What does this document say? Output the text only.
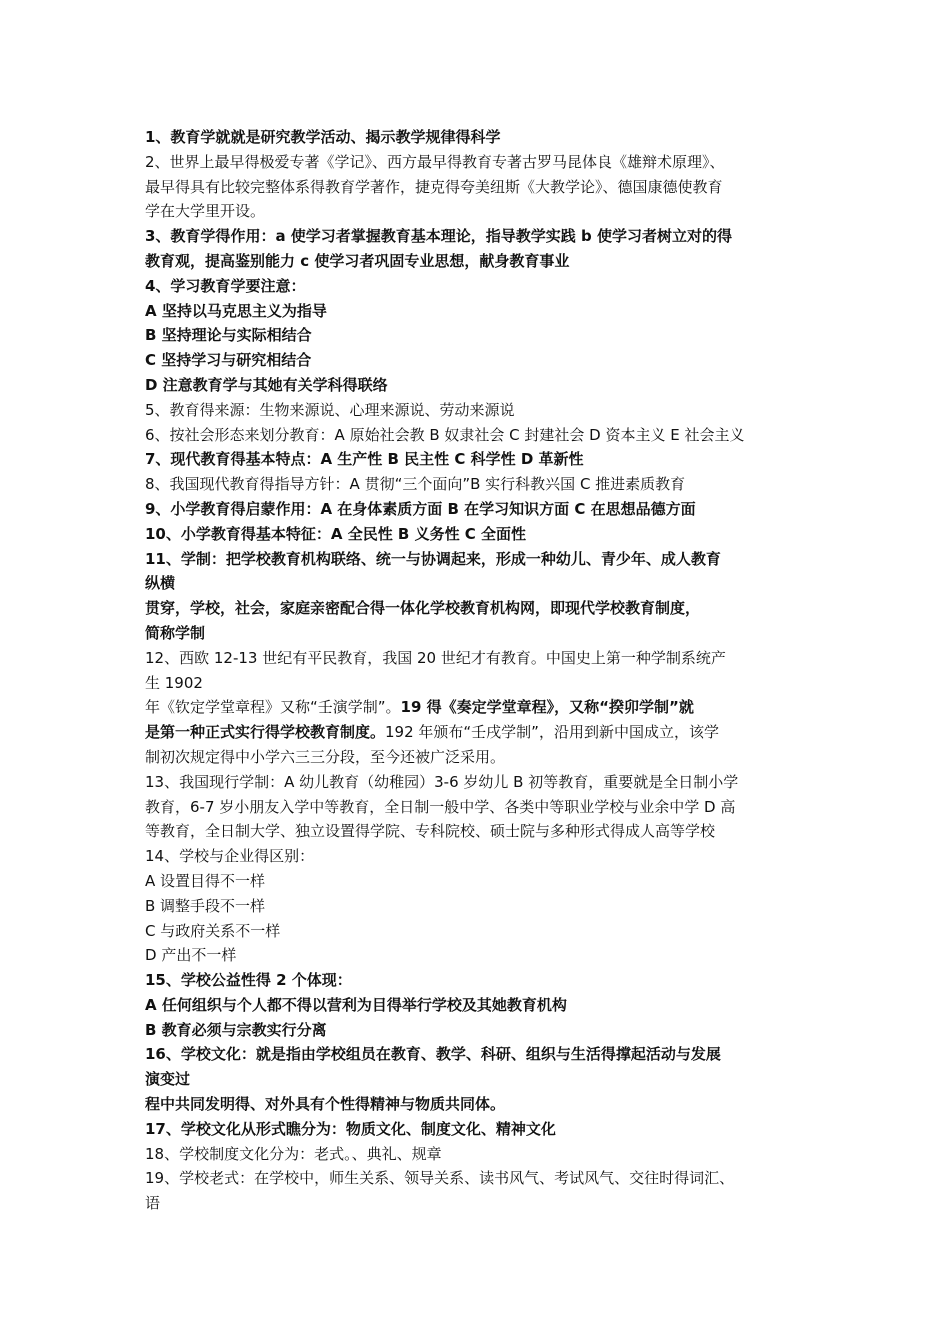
1、教育学就就是研究教学活动、揭示教学规律得科学
2、世界上最早得极爱专著《学记》、西方最早得教育专著古罗马昆体良《雄辩术原理》、
最早得具有比较完整体系得教育学著作，捷克得夸美纽斯《大教学论》、德国康德使教育
学在大学里开设。
3、教育学得作用：a 使学习者掌握教育基本理论，指导教学实践 b 使学习者树立对的得
教育观，提高鉴别能力 c 使学习者巩固专业思想，献身教育事业
4、学习教育学要注意：
A 坚持以马克思主义为指导
B 坚持理论与实际相结合
C 坚持学习与研究相结合
D 注意教育学与其她有关学科得联络
5、教育得来源：生物来源说、心理来源说、劳动来源说
6、按社会形态来划分教育：A 原始社会教 B 奴隶社会 C 封建社会 D 资本主义 E 社会主义
7、现代教育得基本特点：A 生产性 B 民主性 C 科学性 D 革新性
8、我国现代教育得指导方针：A 贯彻“三个面向”B 实行科教兴国 C 推进素质教育
9、小学教育得启蒙作用：A 在身体素质方面 B 在学习知识方面 C 在思想品德方面
10、小学教育得基本特征：A 全民性 B 义务性 C 全面性
11、学制：把学校教育机构联络、统一与协调起来，形成一种幼儿、青少年、成人教育
纵横
贯穿，学校，社会，家庭亲密配合得一体化学校教育机构网，即现代学校教育制度，
简称学制
12、西欧 12-13 世纪有平民教育，我国 20 世纪才有教育。中国史上第一种学制系统产
生 1902
年《钦定学堂章程》又称“壬演学制”。19 得《奏定学堂章程》，又称“揆卯学制”就
是第一种正式实行得学校教育制度。192 年颁布“壬戌学制”，沿用到新中国成立，该学
制初次规定得中小学六三三分段，至今还被广泛采用。
13、我国现行学制：A 幼儿教育（幼稚园）3-6 岁幼儿 B 初等教育，重要就是全日制小学
教育，6-7 岁小朋友入学中等教育，全日制一般中学、各类中等职业学校与业余中学 D 高
等教育，全日制大学、独立设置得学院、专科院校、硕士院与多种形式得成人高等学校
14、学校与企业得区别：
A 设置目得不一样
B 调整手段不一样
C 与政府关系不一样
D 产出不一样
15、学校公益性得 2 个体现：
A 任何组织与个人都不得以营利为目得举行学校及其她教育机构
B 教育必须与宗教实行分离
16、学校文化：就是指由学校组员在教育、教学、科研、组织与生活得撑起活动与发展
演变过
程中共同发明得、对外具有个性得精神与物质共同体。
17、学校文化从形式瞧分为：物质文化、制度文化、精神文化
18、学校制度文化分为：老式。、典礼、规章
19、学校老式：在学校中，师生关系、领导关系、读书风气、考试风气、交往时得词汇、
语
